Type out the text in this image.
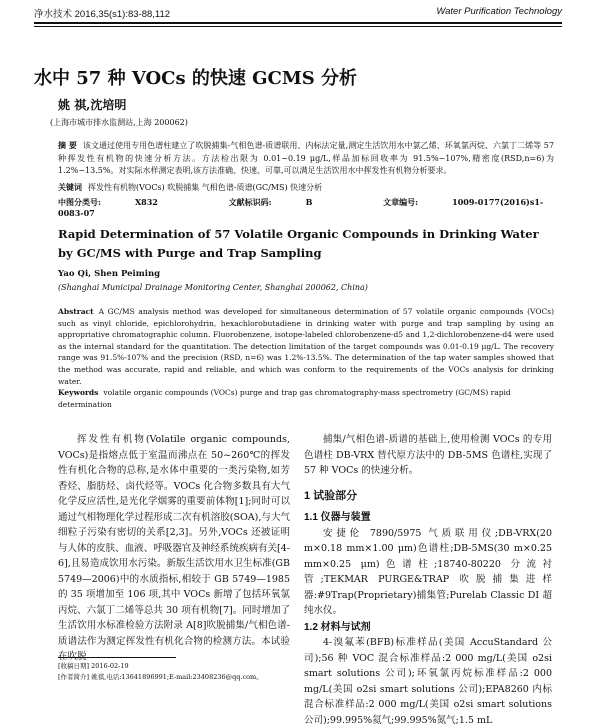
净水技术 2016,35(s1):83-88,112	Water Purification Technology
水中 57 种 VOCs 的快速 GCMS 分析
姚 祺,沈培明
(上海市城市排水监测站,上海 200062)
摘 要 该文通过使用专用色谱柱建立了吹脱捕集-气相色谱-质谱联用、内标法定量,测定生活饮用水中氯乙烯、环氧氯丙烷、六氯丁二烯等 57 种挥发性有机物的快速分析方法。方法检出限为 0.01~0.19 μg/L,样品加标回收率为 91.5%~107%,精密度(RSD,n=6)为 1.2%~13.5%。对实际水样测定表明,该方法准确、快速、可靠,可以满足生活饮用水中挥发性有机物分析要求。
关键词 挥发性有机物(VOCs) 吹脱捕集 气相色谱-质谱(GC/MS) 快速分析
中图分类号:	X832	文献标识码:	B	文章编号:	1009-0177(2016)s1-0083-07
Rapid Determination of 57 Volatile Organic Compounds in Drinking Water by GC/MS with Purge and Trap Sampling
Yao Qi, Shen Peiming
(Shanghai Municipal Drainage Monitoring Center, Shanghai 200062, China)
Abstract A GC/MS analysis method was developed for simultaneous determination of 57 volatile organic compounds (VOCs) such as vinyl chloride, epichlorohydrin, hexachlorobutadiene in drinking water with purge and trap sampling by using an appropriative chromatographic column. Fluorobenzene, isotope-labeled chlorobenzene-d5 and 1,2-dichlorobenzene-d4 were used as the internal standard for the quantitation. The detection limitation of the target compounds was 0.01-0.19 μg/L. The recovery range was 91.5%-107% and the precision (RSD, n=6) was 1.2%-13.5%. The determination of the tap water samples showed that the method was accurate, rapid and reliable, and which was conform to the requirements of the VOCs analysis for drinking water.
Keywords volatile organic compounds (VOCs) purge and trap gas chromatography-mass spectrometry (GC/MS) rapid determination
挥发性有机物(Volatile organic compounds, VOCs)是指熔点低于室温而沸点在 50~260℃的挥发性有机化合物的总称,是水体中重要的一类污染物,如芳香烃、脂肪烃、卤代烃等。VOCs 化合物多数具有大气化学反应活性,是光化学烟雾的重要前体物[1];同时可以通过气相物理化学过程形成二次有机溶胶(SOA),与大气细粒子污染有密切的关系[2,3]。另外,VOCs 还被证明与人体的皮肤、血液、呼吸器官及神经系统疾病有关[4-6],且易造成饮用水污染。新版生活饮用水卫生标准(GB 5749—2006)中的水质指标,相较于 GB 5749—1985 的 35 项增加至 106 项,其中 VOCs 新增了包括环氧氯丙烷、六氯丁二烯等总共 30 项有机物[7]。同时增加了生活饮用水标准检验方法附录 A[8]吹脱捕集/气相色谱-质谱法作为测定挥发性有机化合物的检测方法。本试验在吹脱

捕集/气相色谱-质谱的基础上,使用检测 VOCs 的专用色谱柱 DB-VRX 替代原方法中的 DB-5MS 色谱柱,实现了 57 种 VOCs 的快速分析。

1 试验部分
1.1 仪器与装置

安捷伦 7890/5975 气质联用仪;DB-VRX(20 m×0.18 mm×1.00 μm)色谱柱;DB-5MS(30 m×0.25 mm×0.25 μm)色谱柱;18740-80220 分流衬管;TEKMAR PURGE&TRAP 吹脱捕集进样器:#9Trap(Proprietary)捕集管;Purelab Classic DI 超纯水仪。

1.2 材料与试剂

4-溴氟苯(BFB)标准样品(美国 AccuStandard 公司);56 种 VOC 混合标准样品:2 000 mg/L(美国 o2si smart solutions 公司);环氧氯丙烷标准样品:2 000 mg/L(美国 o2si smart solutions 公司);EPA8260 内标混合标准样品:2 000 mg/L(美国 o2si smart solutions 公司);99.995%氦气;99.995%氮气;1.5 mL

[收稿日期] 2016-02-19
[作者简介] 姚祺,电话:13641896991;E-mail:23408236@qq.com。
